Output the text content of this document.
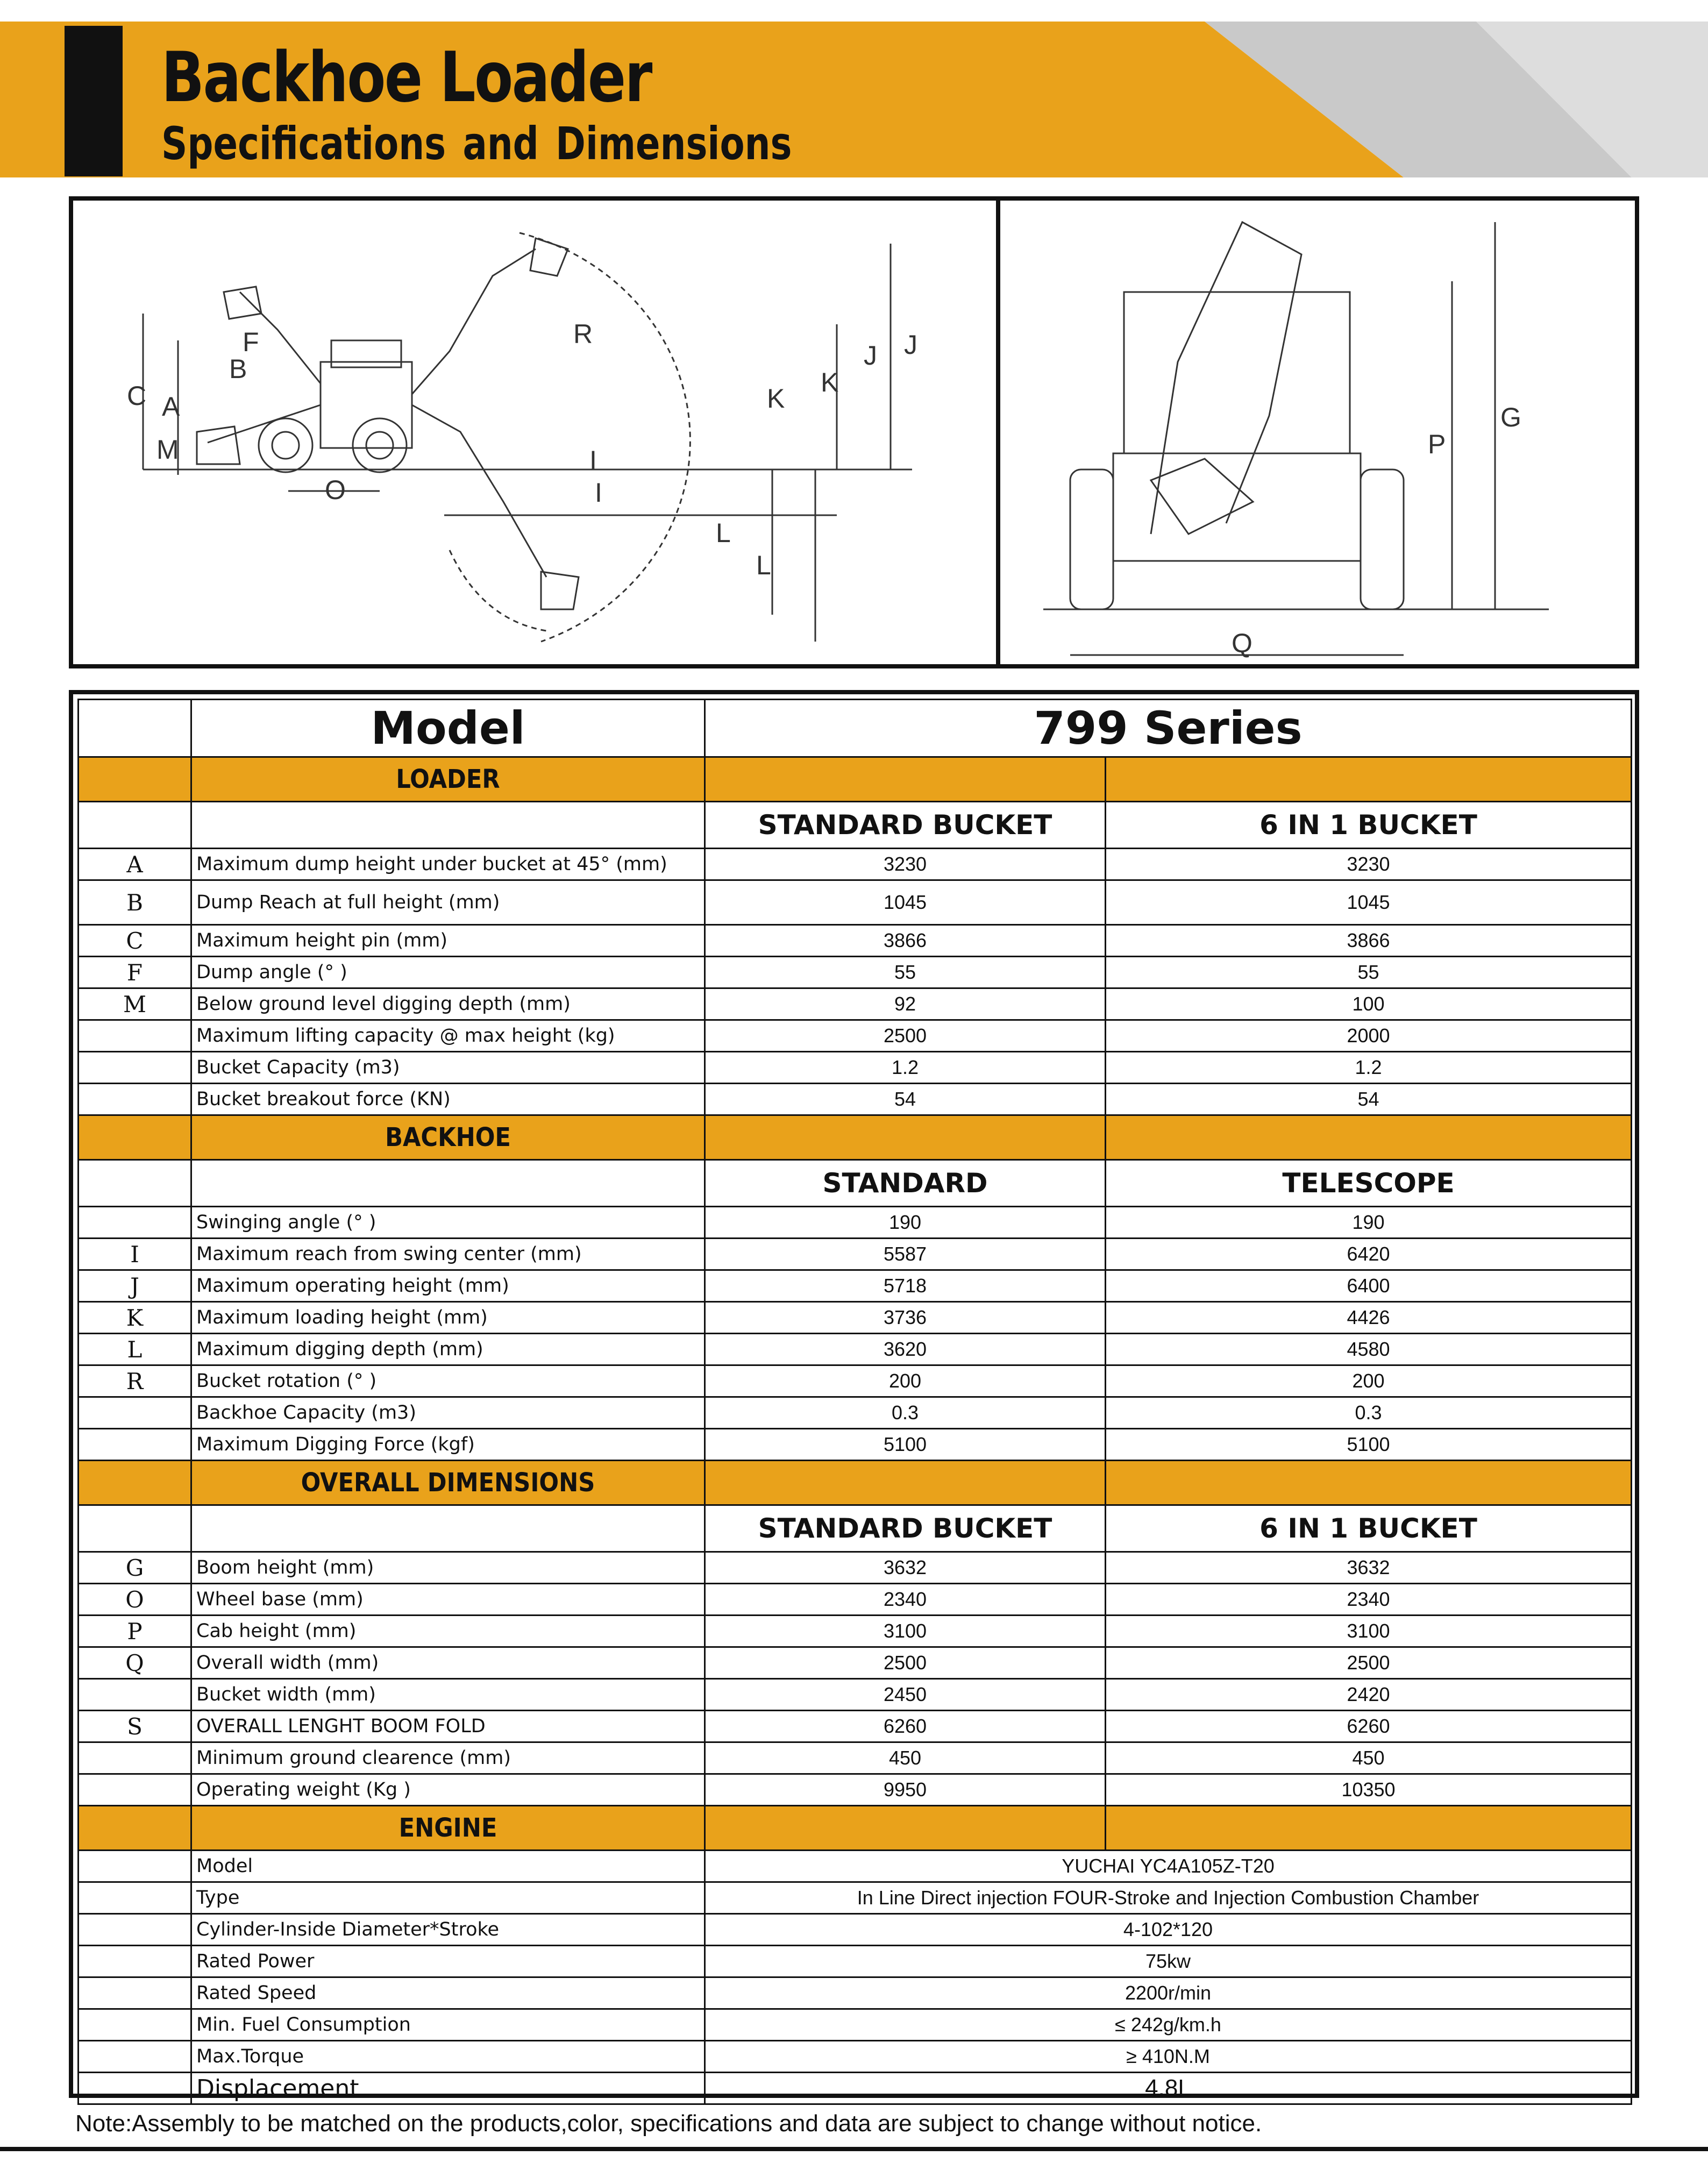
Backhoe Loader
Specifications and Dimensions
C A
M
F
B
O
R
I
I
K
K
J J
L
L
P
G
Q
	Model	799 Series	
	LOADER		
		STANDARD BUCKET	6 IN 1 BUCKET
A	Maximum dump height under bucket at 45° (mm)	3230	3230
B	Dump Reach at full height (mm)	1045	1045
C	Maximum height pin (mm)	3866	3866
F	Dump angle (° )	55	55
M	Below ground level digging depth (mm)	92	100
	Maximum lifting capacity @ max height (kg)	2500	2000
	Bucket Capacity (m3)	1.2	1.2
	Bucket breakout force (KN)	54	54
	BACKHOE		
		STANDARD	TELESCOPE
	Swinging angle (° )	190	190
I	Maximum reach from swing center (mm)	5587	6420
J	Maximum operating height (mm)	5718	6400
K	Maximum loading height (mm)	3736	4426
L	Maximum digging depth (mm)	3620	4580
R	Bucket rotation (° )	200	200
	Backhoe Capacity (m3)	0.3	0.3
	Maximum Digging Force (kgf)	5100	5100
	OVERALL DIMENSIONS		
		STANDARD BUCKET	6 IN 1 BUCKET
G	Boom height (mm)	3632	3632
O	Wheel base (mm)	2340	2340
P	Cab height (mm)	3100	3100
Q	Overall width (mm)	2500	2500
	Bucket width (mm)	2450	2420
S	OVERALL LENGHT BOOM FOLD	6260	6260
	Minimum ground clearence (mm)	450	450
	Operating weight (Kg )	9950	10350
	ENGINE		
	Model	YUCHAI YC4A105Z-T20	
	Type	In Line Direct injection FOUR-Stroke and Injection Combustion Chamber	
	Cylinder-Inside Diameter*Stroke	4-102*120	
	Rated Power	75kw	
	Rated Speed	2200r/min	
	Min. Fuel Consumption	≤ 242g/km.h	
	Max.Torque	≥ 410N.M	
	Displacement	4.8L	
Note:Assembly to be matched on the products,color, specifications and data are subject to change without notice.
